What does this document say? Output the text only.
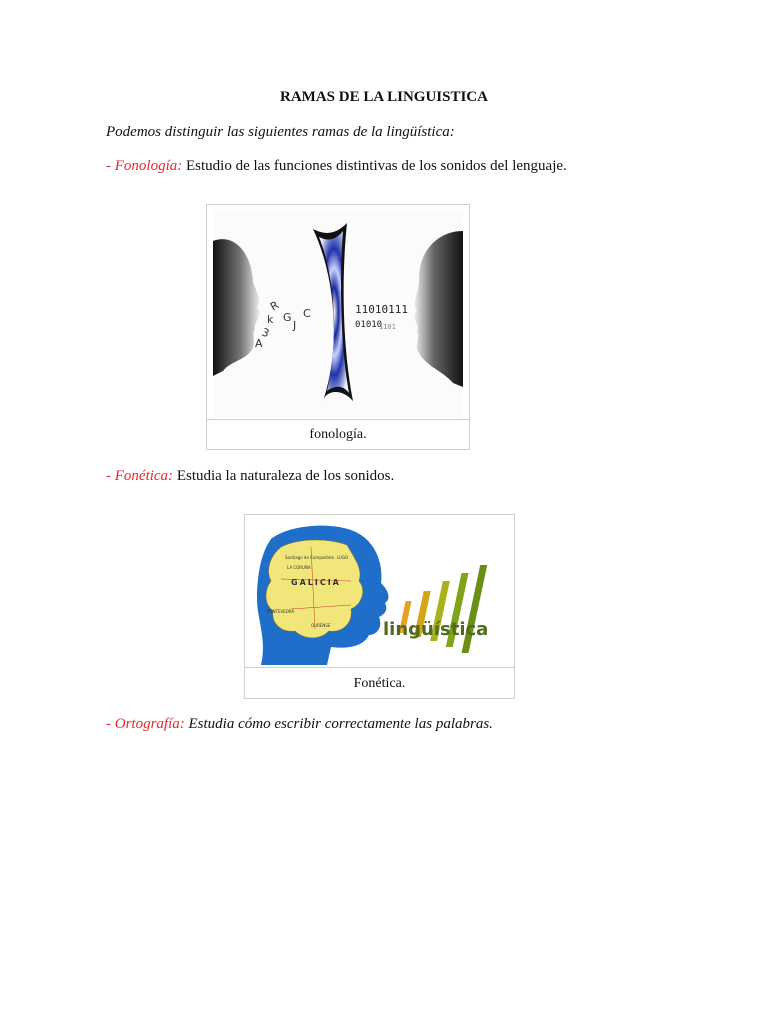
RAMAS DE LA LINGUISTICA
Podemos distinguir las siguientes ramas de la lingüística:
- Fonología: Estudio de las funciones distintivas de los sonidos del lenguaje.
R
G
k
3
A
J
C	11010111
01010
1101
fonología.
- Fonética: Estudia la naturaleza de los sonidos.
GALICIA
Santiago de Compostela
LA CORUÑA
LUGO
PONTEVEDRA
OURENSE	lingüística
Fonética.
- Ortografía: Estudia cómo escribir correctamente las palabras.
